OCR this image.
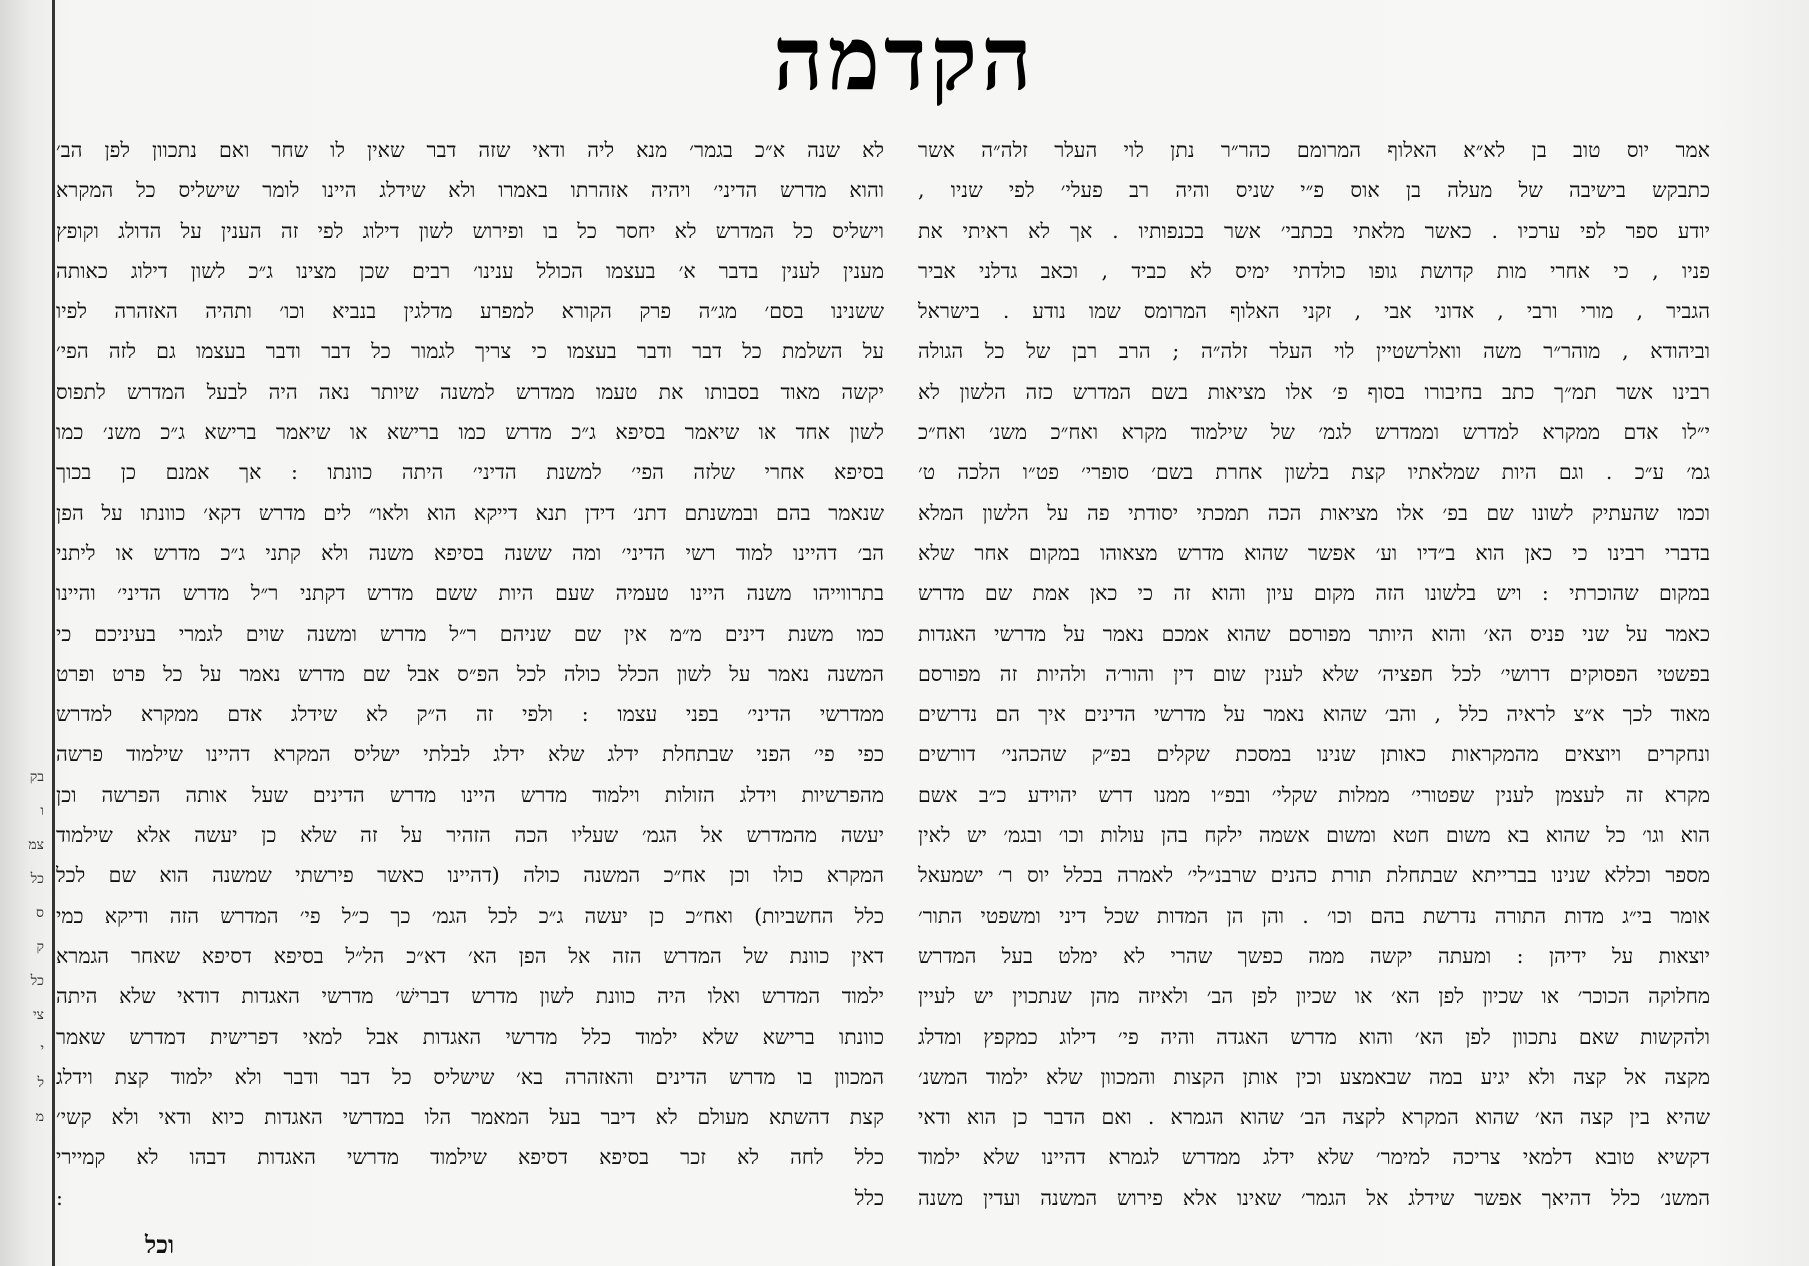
בק
ו
צמ
כל
ס
ק
כל
צי
י
ל
מ
הקדמה
אמר יוס טוב בן לא״א האלוף המרומם כהר״ר נתן לוי העלר זלה״ה אשר
כתבקש בישיבה של מעלה בן אוס פ״י שניס והיה רב פעלי׳ לפי שניו ,
יודע ספר לפי ערכיו . כאשר מלאתי בכתבי׳ אשר בכנפותיו . אך לא ראיתי את
פניו , כי אחרי מות קדושת גופו כולדתי ימיס לא כביד , וכאב גדלני אביר
הגביר , מורי ורבי , אדוני אבי , זקני האלוף המרומס שמו נודע . בישראל
וביהודא , מוהר״ר משה וואלרשטיין לוי העלר זלה״ה ; הרב רבן של כל הגולה
רבינו אשר תמ״ך כתב בחיבורו בסוף פ׳ אלו מציאות בשם המדרש כזה הלשון לא
י״לו אדם ממקרא למדרש וממדרש לגמ׳ של שילמוד מקרא ואח״כ משנ׳ ואח״כ
גמ׳ ע״כ . וגם היות שמלאתיו קצת בלשון אחרת בשם׳ סופרי׳ פט״ו הלכה ט׳
וכמו שהעתיק לשונו שם בפ׳ אלו מציאות הכה תמכתי יסודתי פה על הלשון המלא
בדברי רבינו כי כאן הוא ב״דיו וע׳ אפשר שהוא מדרש מצאוהו במקום אחר שלא
במקום שהוכרתי : ויש בלשונו הזה מקום עיון והוא זה כי כאן אמת שם מדרש
כאמר על שני פניס הא׳ והוא היותר מפורסם שהוא אמכם נאמר על מדרשי האגדות
בפשטי הפסוקים דרושי׳ לכל חפציה׳ שלא לענין שום דין והור׳ה ולהיות זה מפורסם
מאוד לכך א״צ לראיה כלל , והב׳ שהוא נאמר על מדרשי הדינים איך הם נדרשים
ונחקרים ויוצאים מהמקראות כאותן שנינו במסכת שקלים בפ״ק שהכהני׳ דורשים
מקרא זה לעצמן לענין שפטורי׳ ממלות שקלי׳ ובפ״ו ממנו דרש יהוידע כ״ב אשם
הוא וגו׳ כל שהוא בא משום חטא ומשום אשמה ילקח בהן עולות וכו׳ ובגמ׳ יש לאין
מספר וכללא שנינו בברייתא שבתחלת תורת כהנים שרבנ״לי׳ לאמרה בכלל יוס ר׳ ישמעאל
אומר בי״ג מדות התורה נדרשת בהם וכו׳ . והן הן המדות שכל דיני ומשפטי התור׳
יוצאות על ידיהן : ומעתה יקשה ממה כפשך שהרי לא ימלט בעל המדרש
מחלוקה הכוכר׳ או שכיון לפן הא׳ או שכיון לפן הב׳ ולאיזה מהן שנתכוין יש לעיין
ולהקשות שאם נתכוון לפן הא׳ והוא מדרש האגדה והיה פי׳ דילוג כמקפץ ומדלג
מקצה אל קצה ולא יגיע במה שבאמצע וכין אותן הקצות והמכוון שלא ילמוד המשנ׳
שהיא בין קצה הא׳ שהוא המקרא לקצה הב׳ שהוא הגמרא . ואם הדבר כן הוא ודאי
דקשיא טובא דלמאי צריכה למימר׳ שלא ידלג ממדרש לגמרא דהיינו שלא ילמוד
המשנ׳ כלל דהיאך אפשר שידלג אל הגמר׳ שאינו אלא פירוש המשנה ועדין משנה
לא שנה א״כ בגמר׳ מנא ליה ודאי שזה דבר שאין לו שחר ואם נתכוון לפן הב׳
והוא מדרש הדיני׳ ויהיה אזהרתו באמרו ולא שידלג היינו לומר שישליס כל המקרא
וישליס כל המדרש לא יחסר כל בו ופירוש לשון דילוג לפי זה הענין על הדולג וקופץ
מענין לענין בדבר א׳ בעצמו הכולל ענינו׳ רבים שכן מצינו ג״כ לשון דילוג כאותה
ששנינו בסם׳ מג״ה פרק הקורא למפרע מדלגין בנביא וכו׳ ותהיה האזהרה לפיו
על השלמת כל דבר ודבר בעצמו כי צריך לגמור כל דבר ודבר בעצמו גם לזה הפי׳
יקשה מאוד בסבותו את טעמו ממדרש למשנה שיותר נאה היה לבעל המדרש לתפוס
לשון אחד או שיאמר בסיפא ג״כ מדרש כמו ברישא או שיאמר ברישא ג״כ משנ׳ כמו
בסיפא אחרי שלזה הפי׳ למשנת הדיני׳ היתה כוונתו : אך אמנם כן בכוך
שנאמר בהם ובמשנתם דתנ׳ דידן תנא דייקא הוא ולאו״ לים מדרש דקא׳ כוונתו על הפן
הב׳ דהיינו למוד רשי הדיני׳ ומה ששנה בסיפא משנה ולא קתני ג״כ מדרש או ליתני
בתרווייהו משנה היינו טעמיה שעם היות ששם מדרש דקתני ר״ל מדרש הדיני׳ והיינו
כמו משנת דינים מ״מ אין שם שניהם ר״ל מדרש ומשנה שוים לגמרי בעיניכם כי
המשנה נאמר על לשון הכלל כולה לכל הפ״ס אבל שם מדרש נאמר על כל פרט ופרט
ממדרשי הדיני׳ בפני עצמו : ולפי זה ה״ק לא שידלג אדם ממקרא למדרש
כפי פי׳ הפני שבתחלת ידלג שלא ידלג לבלתי ישליס המקרא דהיינו שילמוד פרשה
מהפרשיות וידלג הזולות וילמוד מדרש היינו מדרש הדינים שעל אותה הפרשה וכן
יעשה מהמדרש אל הגמ׳ שעליו הכה הזהיר על זה שלא כן יעשה אלא שילמוד
המקרא כולו וכן אח״כ המשנה כולה (דהיינו כאשר פירשתי שמשנה הוא שם לכל
כלל החשביות) ואח״כ כן יעשה ג״כ לכל הגמ׳ כך כ״ל פי׳ המדרש הזה ודיקא כמי
דאין כוונת של המדרש הזה אל הפן הא׳ דא״כ הל״ל בסיפא דסיפא שאחר הגמרא
ילמוד המדרש ואלו היה כוונת לשון מדרש דברישׁ׳ מדרשי האגדות דודאי שלא היתה
כוונתו ברישא שלא ילמוד כלל מדרשי האגדות אבל למאי דפרישית דמדרש שאמר
המכוון בו מדרש הדינים והאזהרה בא׳ שישליס כל דבר ודבר ולא ילמוד קצת וידלג
קצת דהשתא מעולם לא דיבר בעל המאמר הלו במדרשי האגדות כיוא ודאי ולא קשי׳
כלל לחה לא זכר בסיפא דסיפא שילמוד מדרשי האגדות דבהו לא קמיירי
כלל :
וכל
